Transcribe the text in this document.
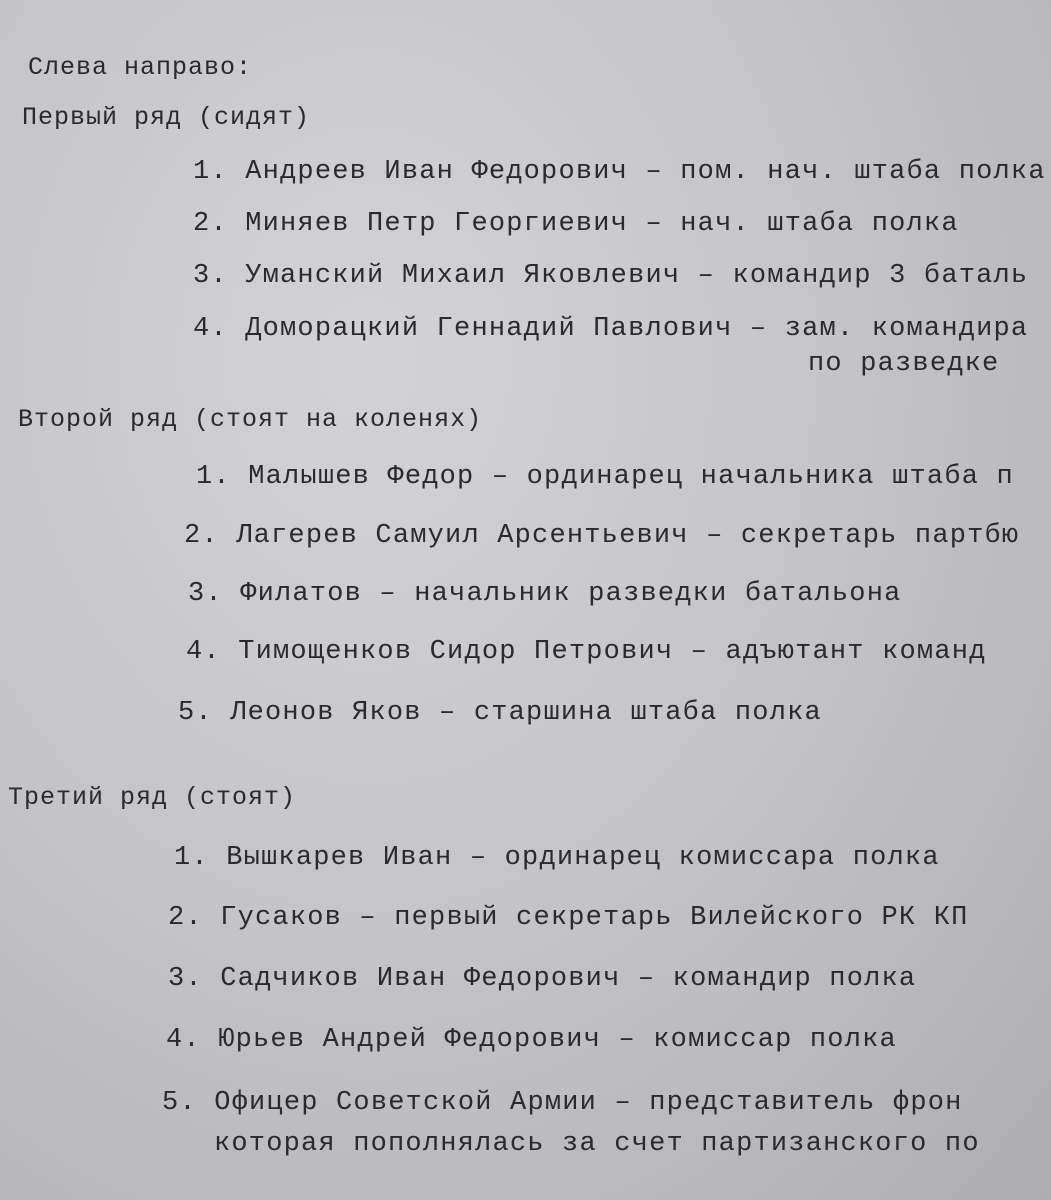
Слева направо:
Первый ряд (сидят)
1. Андреев Иван Федорович – пом. нач. штаба полка
2. Миняев Петр Георгиевич – нач. штаба полка
3. Уманский Михаил Яковлевич – командир 3 баталь
4. Доморацкий Геннадий Павлович – зам. командира
по разведке
Второй ряд (стоят на коленях)
1. Малышев Федор – ординарец начальника штаба п
2. Лагерев Самуил Арсентьевич – секретарь партбю
3. Филатов – начальник разведки батальона
4. Тимощенков Сидор Петрович – адъютант команд
5. Леонов Яков – старшина штаба полка
Третий ряд (стоят)
1. Вышкарев Иван – ординарец комиссара полка
2. Гусаков – первый секретарь Вилейского РК КП
3. Садчиков Иван Федорович – командир полка
4. Юрьев Андрей Федорович – комиссар полка
5. Офицер Советской Армии – представитель фрон
которая пополнялась за счет партизанского по
